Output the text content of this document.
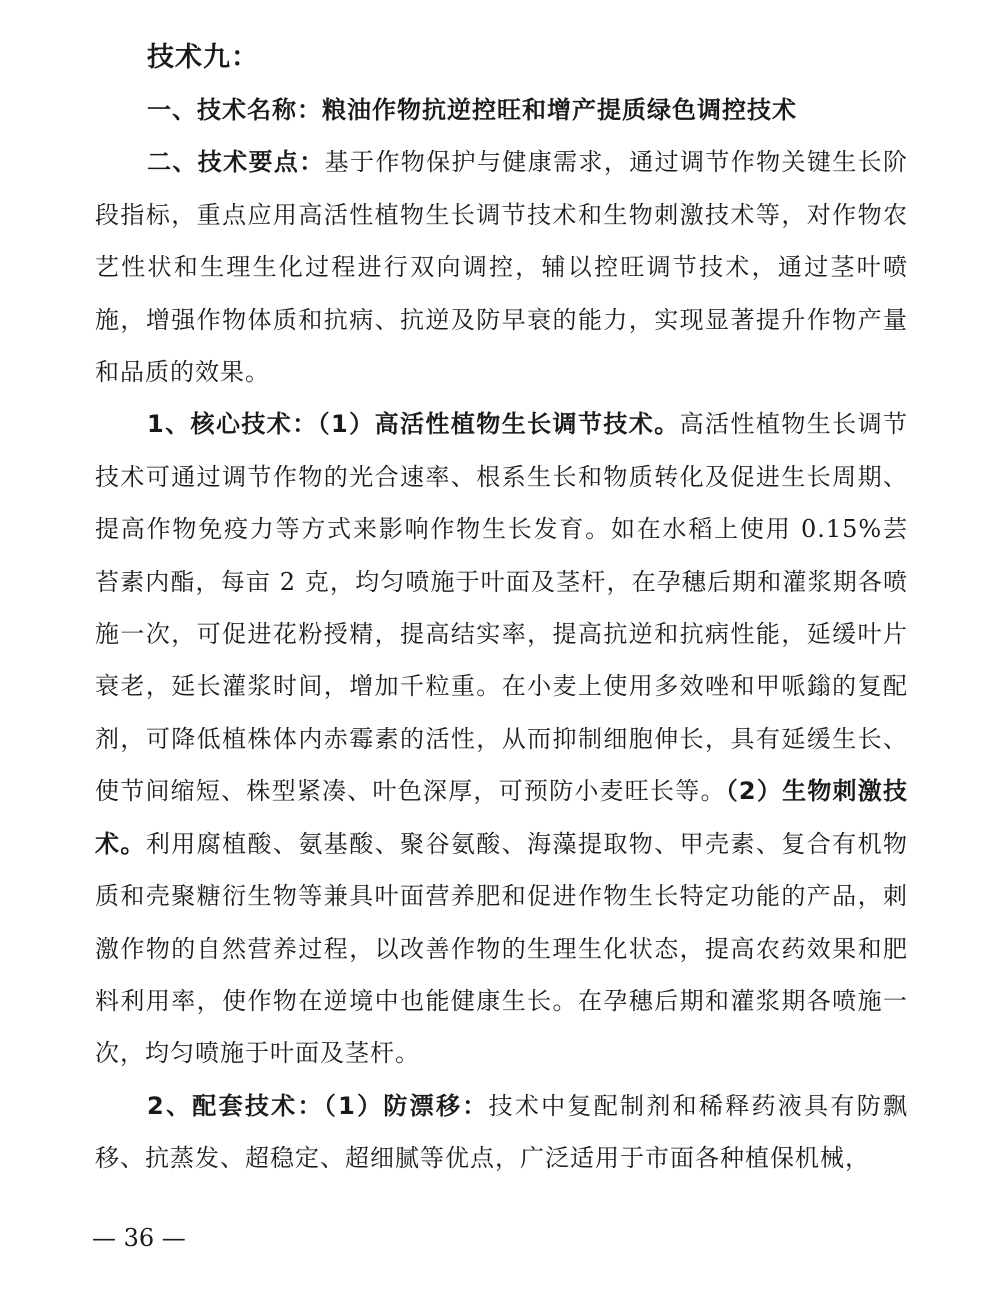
技术九：

一、技术名称：粮油作物抗逆控旺和增产提质绿色调控技术

二、技术要点：基于作物保护与健康需求，通过调节作物关键生长阶段指标，重点应用高活性植物生长调节技术和生物刺激技术等，对作物农艺性状和生理生化过程进行双向调控，辅以控旺调节技术，通过茎叶喷施，增强作物体质和抗病、抗逆及防早衰的能力，实现显著提升作物产量和品质的效果。

1、核心技术：（1）高活性植物生长调节技术。高活性植物生长调节技术可通过调节作物的光合速率、根系生长和物质转化及促进生长周期、提高作物免疫力等方式来影响作物生长发育。如在水稻上使用 0.15%芸苔素内酯，每亩 2 克，均匀喷施于叶面及茎杆，在孕穗后期和灌浆期各喷施一次，可促进花粉授精，提高结实率，提高抗逆和抗病性能，延缓叶片衰老，延长灌浆时间，增加千粒重。在小麦上使用多效唑和甲哌鎓的复配剂，可降低植株体内赤霉素的活性，从而抑制细胞伸长，具有延缓生长、使节间缩短、株型紧凑、叶色深厚，可预防小麦旺长等。（2）生物刺激技术。利用腐植酸、氨基酸、聚谷氨酸、海藻提取物、甲壳素、复合有机物质和壳聚糖衍生物等兼具叶面营养肥和促进作物生长特定功能的产品，刺激作物的自然营养过程，以改善作物的生理生化状态，提高农药效果和肥料利用率，使作物在逆境中也能健康生长。在孕穗后期和灌浆期各喷施一次，均匀喷施于叶面及茎杆。

2、配套技术：（1）防漂移：技术中复配制剂和稀释药液具有防飘移、抗蒸发、超稳定、超细腻等优点，广泛适用于市面各种植保机械，

— 36 —
